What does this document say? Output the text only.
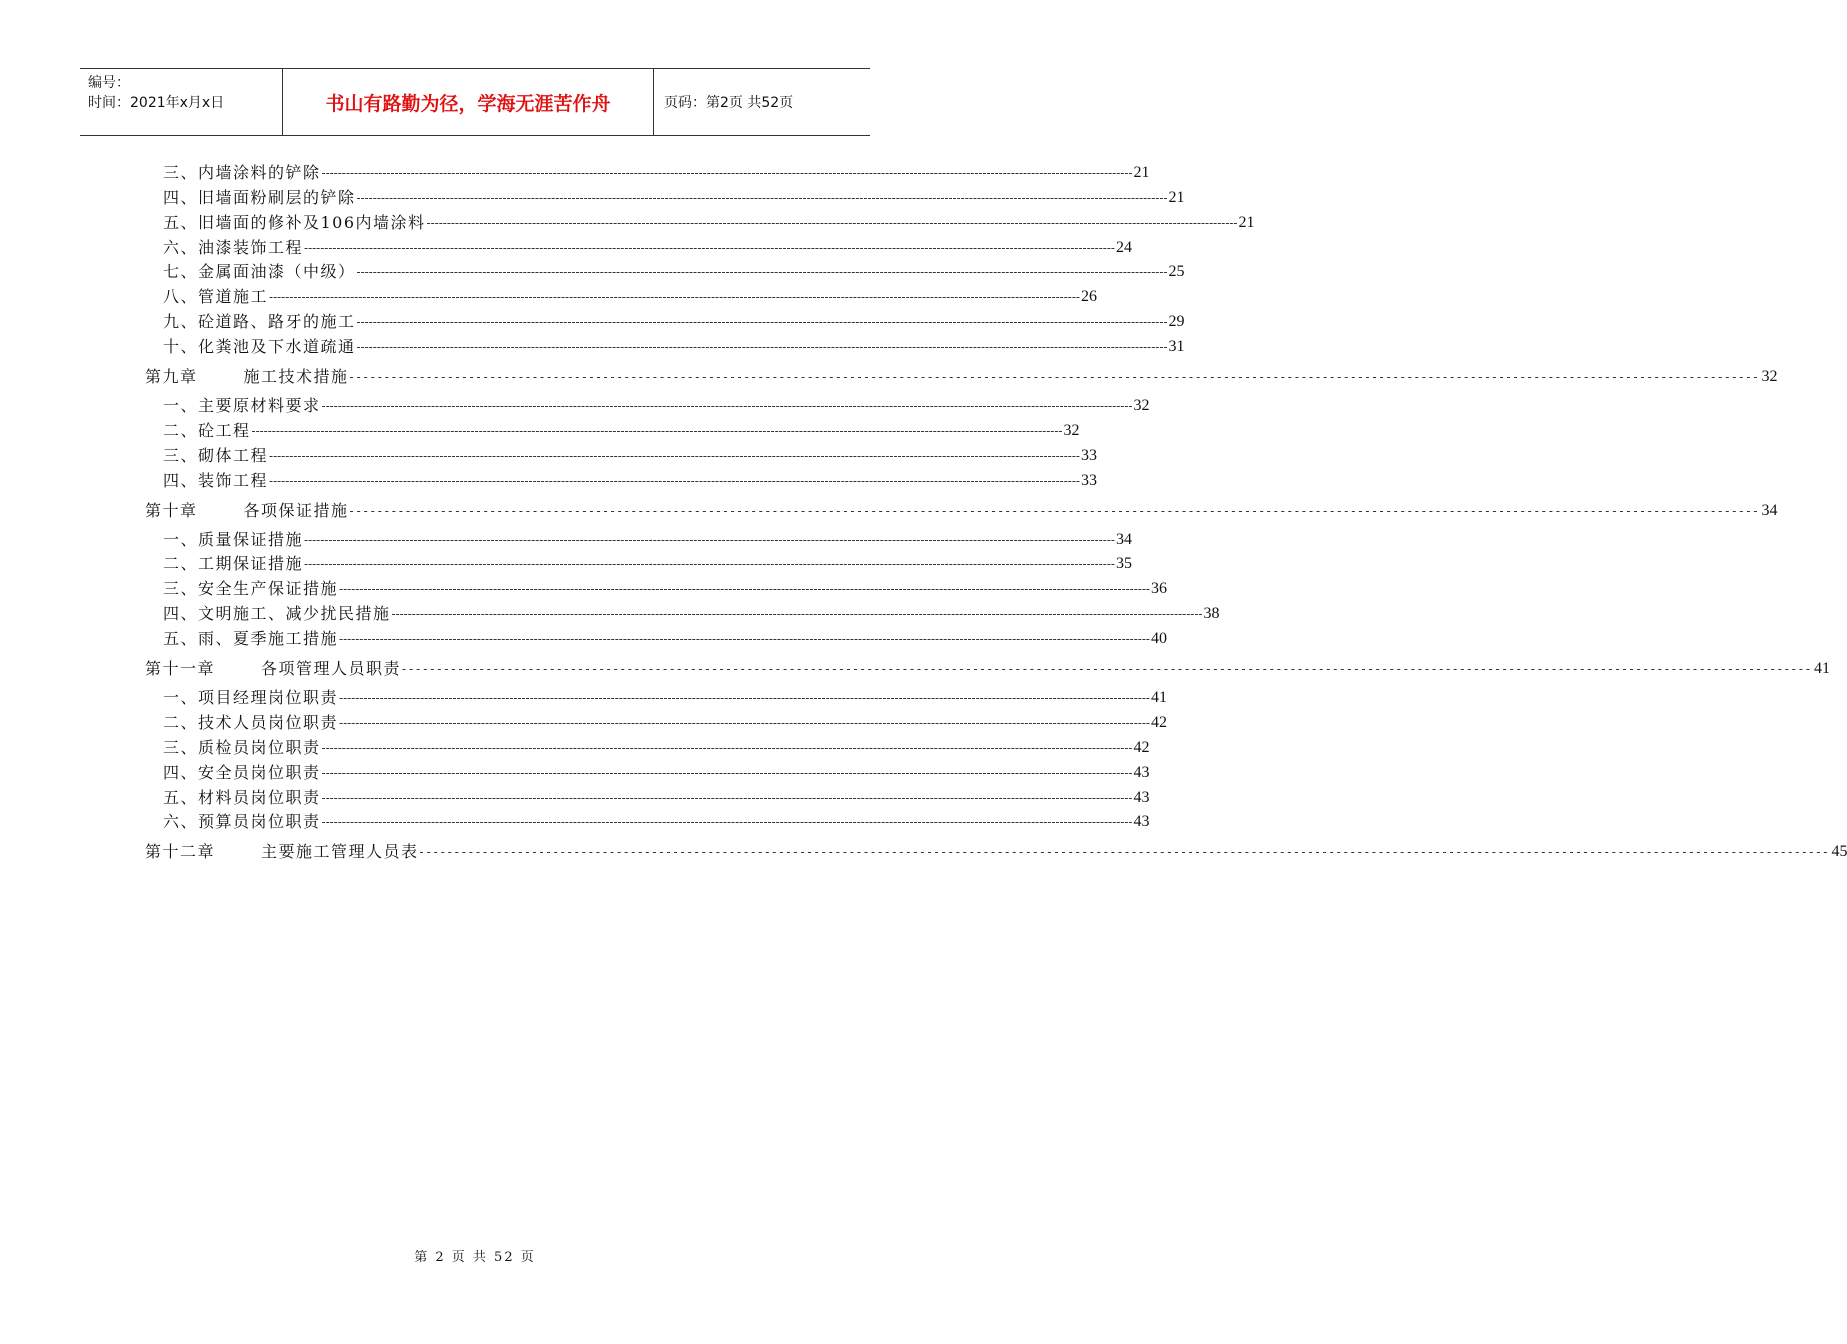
编号：
时间：2021年x月x日	书山有路勤为径，学海无涯苦作舟	页码：第2页 共52页
三、内墙涂料的铲除 -------------------------------------------------------------------------------------------------------------------------------------------------------------------------------------------------------- 21
四、旧墙面粉刷层的铲除 -------------------------------------------------------------------------------------------------------------------------------------------------------------------------------------------------------- 21
五、旧墙面的修补及106内墙涂料 -------------------------------------------------------------------------------------------------------------------------------------------------------------------------------------------------------- 21
六、油漆装饰工程 -------------------------------------------------------------------------------------------------------------------------------------------------------------------------------------------------------- 24
七、金属面油漆（中级） -------------------------------------------------------------------------------------------------------------------------------------------------------------------------------------------------------- 25
八、管道施工 -------------------------------------------------------------------------------------------------------------------------------------------------------------------------------------------------------- 26
九、砼道路、路牙的施工 -------------------------------------------------------------------------------------------------------------------------------------------------------------------------------------------------------- 29
十、化粪池及下水道疏通 -------------------------------------------------------------------------------------------------------------------------------------------------------------------------------------------------------- 31
第九章	施工技术措施 -------------------------------------------------------------------------------------------------------------------------------------------------------------------------------------------------------- 32
一、主要原材料要求 -------------------------------------------------------------------------------------------------------------------------------------------------------------------------------------------------------- 32
二、砼工程 -------------------------------------------------------------------------------------------------------------------------------------------------------------------------------------------------------- 32
三、砌体工程 -------------------------------------------------------------------------------------------------------------------------------------------------------------------------------------------------------- 33
四、装饰工程 -------------------------------------------------------------------------------------------------------------------------------------------------------------------------------------------------------- 33
第十章	各项保证措施 -------------------------------------------------------------------------------------------------------------------------------------------------------------------------------------------------------- 34
一、质量保证措施 -------------------------------------------------------------------------------------------------------------------------------------------------------------------------------------------------------- 34
二、工期保证措施 -------------------------------------------------------------------------------------------------------------------------------------------------------------------------------------------------------- 35
三、安全生产保证措施 -------------------------------------------------------------------------------------------------------------------------------------------------------------------------------------------------------- 36
四、文明施工、减少扰民措施 -------------------------------------------------------------------------------------------------------------------------------------------------------------------------------------------------------- 38
五、雨、夏季施工措施 -------------------------------------------------------------------------------------------------------------------------------------------------------------------------------------------------------- 40
第十一章	各项管理人员职责 -------------------------------------------------------------------------------------------------------------------------------------------------------------------------------------------------------- 41
一、项目经理岗位职责 -------------------------------------------------------------------------------------------------------------------------------------------------------------------------------------------------------- 41
二、技术人员岗位职责 -------------------------------------------------------------------------------------------------------------------------------------------------------------------------------------------------------- 42
三、质检员岗位职责 -------------------------------------------------------------------------------------------------------------------------------------------------------------------------------------------------------- 42
四、安全员岗位职责 -------------------------------------------------------------------------------------------------------------------------------------------------------------------------------------------------------- 43
五、材料员岗位职责 -------------------------------------------------------------------------------------------------------------------------------------------------------------------------------------------------------- 43
六、预算员岗位职责 -------------------------------------------------------------------------------------------------------------------------------------------------------------------------------------------------------- 43
第十二章	主要施工管理人员表 -------------------------------------------------------------------------------------------------------------------------------------------------------------------------------------------------------- 45
第 2 页 共 52 页
